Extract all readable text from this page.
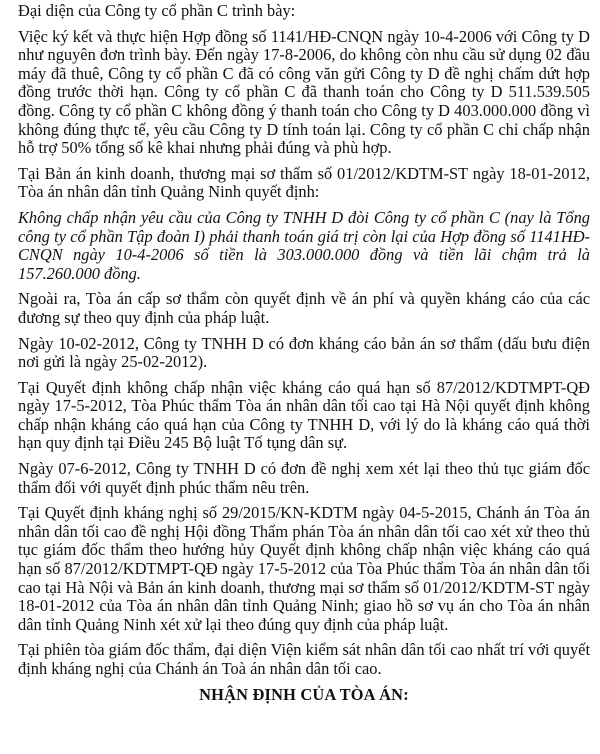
Đại diện của Công ty cổ phần C trình bày:

Việc ký kết và thực hiện Hợp đồng số 1141/HĐ-CNQN ngày 10-4-2006 với Công ty D như nguyên đơn trình bày. Đến ngày 17-8-2006, do không còn nhu cầu sử dụng 02 đầu máy đã thuê, Công ty cổ phần C đã có công văn gửi Công ty D đề nghị chấm dứt hợp đồng trước thời hạn. Công ty cổ phần C đã thanh toán cho Công ty D 511.539.505 đồng. Công ty cổ phần C không đồng ý thanh toán cho Công ty D 403.000.000 đồng vì không đúng thực tế, yêu cầu Công ty D tính toán lại. Công ty cổ phần C chỉ chấp nhận hỗ trợ 50% tổng số kê khai nhưng phải đúng và phù hợp.

Tại Bản án kinh doanh, thương mại sơ thẩm số 01/2012/KDTM-ST ngày 18-01-2012, Tòa án nhân dân tỉnh Quảng Ninh quyết định:

Không chấp nhận yêu cầu của Công ty TNHH D đòi Công ty cổ phần C (nay là Tổng công ty cổ phần Tập đoàn I) phải thanh toán giá trị còn lại của Hợp đồng số 1141HĐ-CNQN ngày 10-4-2006 số tiền là 303.000.000 đồng và tiền lãi chậm trả là 157.260.000 đồng.

Ngoài ra, Tòa án cấp sơ thẩm còn quyết định về án phí và quyền kháng cáo của các đương sự theo quy định của pháp luật.

Ngày 10-02-2012, Công ty TNHH D có đơn kháng cáo bản án sơ thẩm (dấu bưu điện nơi gửi là ngày 25-02-2012).

Tại Quyết định không chấp nhận việc kháng cáo quá hạn số 87/2012/KDTMPT-QĐ ngày 17-5-2012, Tòa Phúc thẩm Tòa án nhân dân tối cao tại Hà Nội quyết định không chấp nhận kháng cáo quá hạn của Công ty TNHH D, với lý do là kháng cáo quá thời hạn quy định tại Điều 245 Bộ luật Tố tụng dân sự.

Ngày 07-6-2012, Công ty TNHH D có đơn đề nghị xem xét lại theo thủ tục giám đốc thẩm đối với quyết định phúc thẩm nêu trên.

Tại Quyết định kháng nghị số 29/2015/KN-KDTM ngày 04-5-2015, Chánh án Tòa án nhân dân tối cao đề nghị Hội đồng Thẩm phán Tòa án nhân dân tối cao xét xử theo thủ tục giám đốc thẩm theo hướng hủy Quyết định không chấp nhận việc kháng cáo quá hạn số 87/2012/KDTMPT-QĐ ngày 17-5-2012 của Tòa Phúc thẩm Tòa án nhân dân tối cao tại Hà Nội và Bản án kinh doanh, thương mại sơ thẩm số 01/2012/KDTM-ST ngày 18-01-2012 của Tòa án nhân dân tỉnh Quảng Ninh; giao hồ sơ vụ án cho Tòa án nhân dân tỉnh Quảng Ninh xét xử lại theo đúng quy định của pháp luật.

Tại phiên tòa giám đốc thẩm, đại diện Viện kiểm sát nhân dân tối cao nhất trí với quyết định kháng nghị của Chánh án Toà án nhân dân tối cao.

NHẬN ĐỊNH CỦA TÒA ÁN:
